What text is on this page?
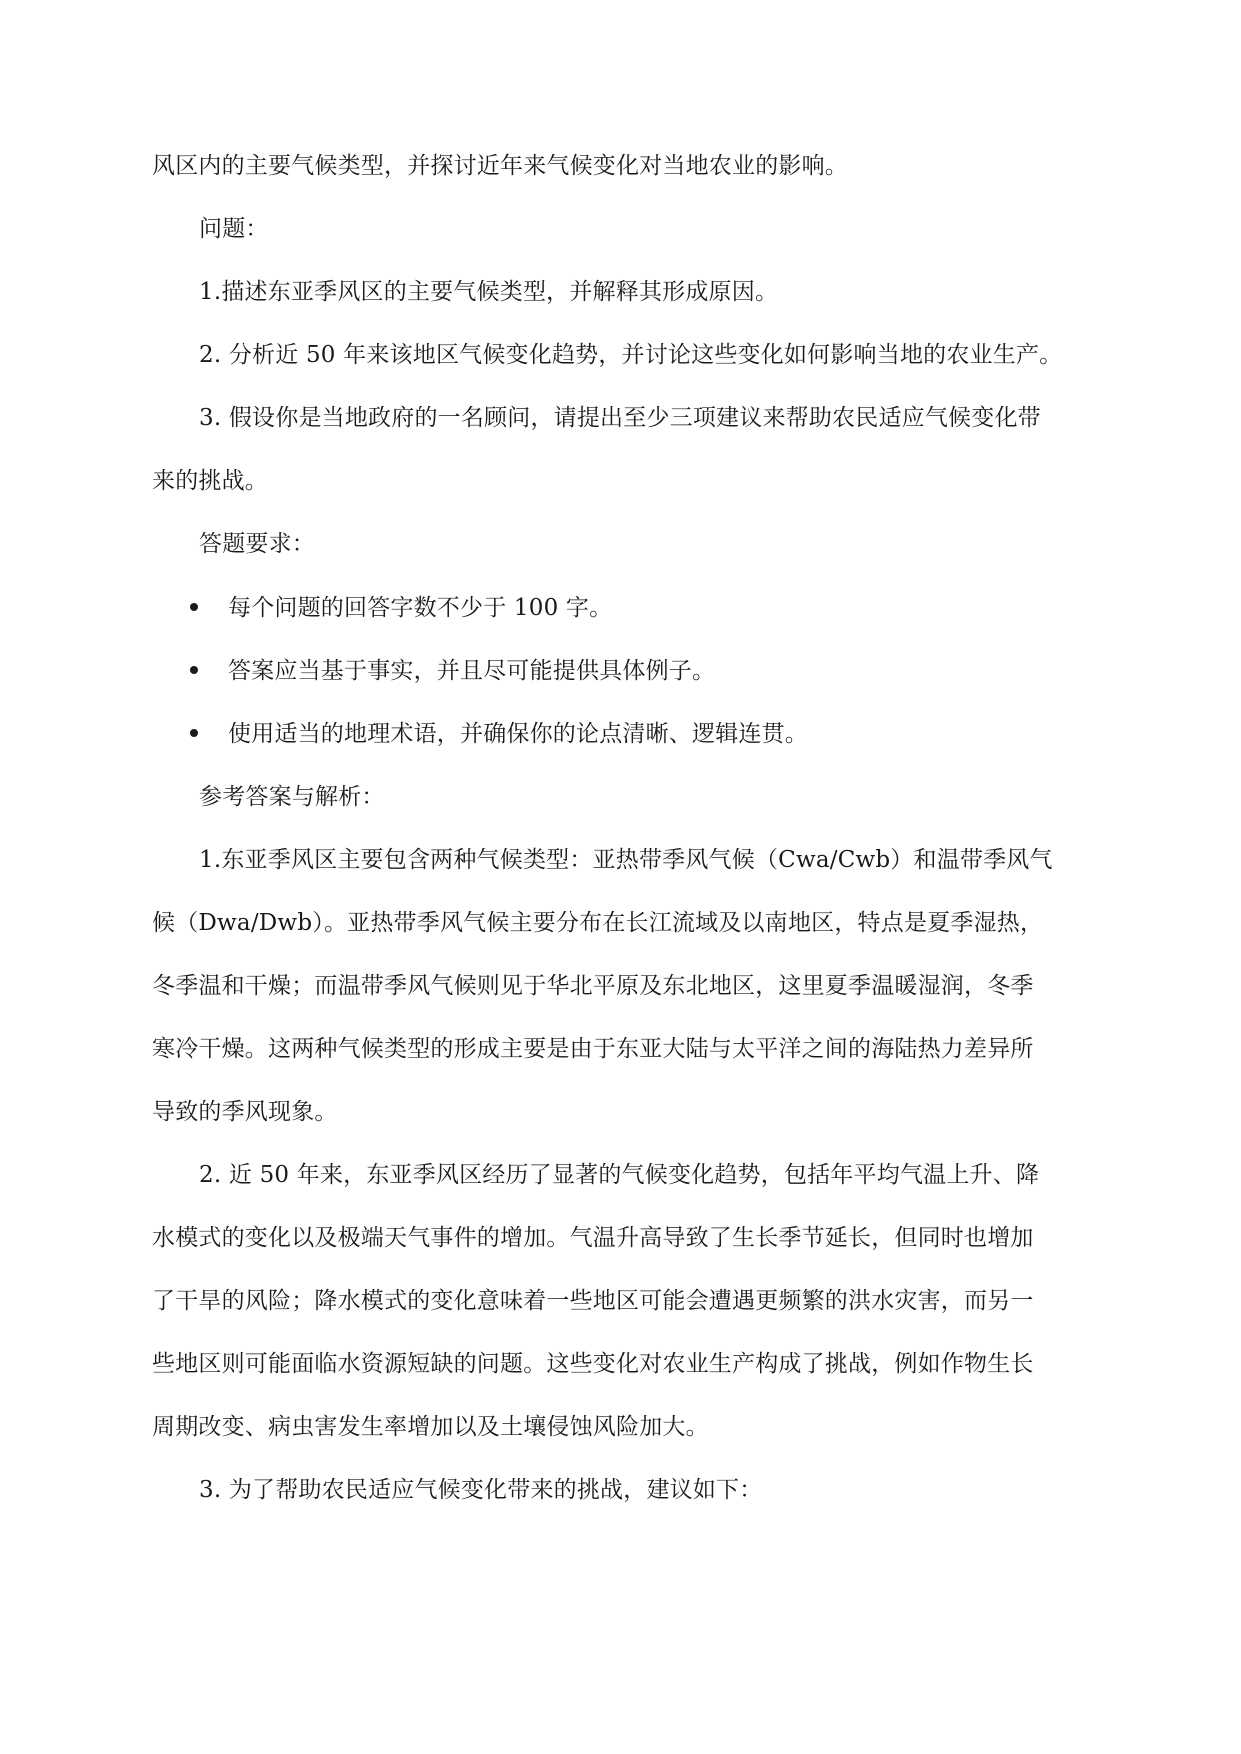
风区内的主要气候类型，并探讨近年来气候变化对当地农业的影响。
问题：
1.描述东亚季风区的主要气候类型，并解释其形成原因。
2. 分析近 50 年来该地区气候变化趋势，并讨论这些变化如何影响当地的农业生产。
3. 假设你是当地政府的一名顾问，请提出至少三项建议来帮助农民适应气候变化带
来的挑战。
答题要求：
每个问题的回答字数不少于 100 字。
答案应当基于事实，并且尽可能提供具体例子。
使用适当的地理术语，并确保你的论点清晰、逻辑连贯。
参考答案与解析：
1.东亚季风区主要包含两种气候类型：亚热带季风气候（Cwa/Cwb）和温带季风气
候（Dwa/Dwb）。亚热带季风气候主要分布在长江流域及以南地区，特点是夏季湿热，
冬季温和干燥；而温带季风气候则见于华北平原及东北地区，这里夏季温暖湿润，冬季
寒冷干燥。这两种气候类型的形成主要是由于东亚大陆与太平洋之间的海陆热力差异所
导致的季风现象。
2. 近 50 年来，东亚季风区经历了显著的气候变化趋势，包括年平均气温上升、降
水模式的变化以及极端天气事件的增加。气温升高导致了生长季节延长，但同时也增加
了干旱的风险；降水模式的变化意味着一些地区可能会遭遇更频繁的洪水灾害，而另一
些地区则可能面临水资源短缺的问题。这些变化对农业生产构成了挑战，例如作物生长
周期改变、病虫害发生率增加以及土壤侵蚀风险加大。
3. 为了帮助农民适应气候变化带来的挑战，建议如下：
